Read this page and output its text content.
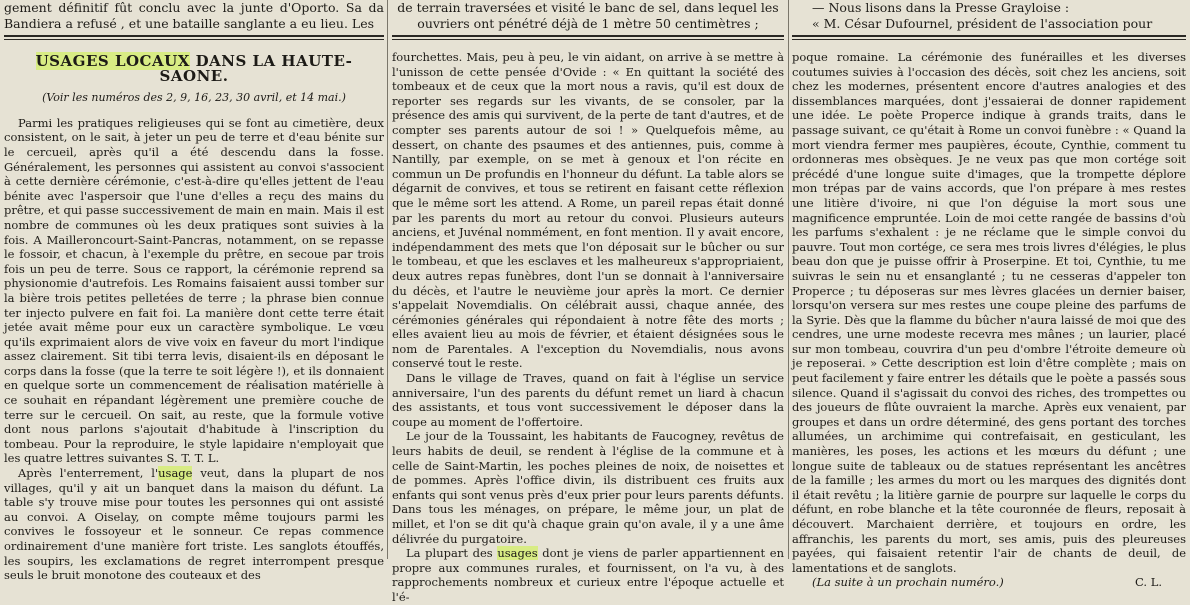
gement définitif fût conclu avec la junte d'Oporto. Sa da Bandiera a refusé , et une bataille sanglante a eu lieu. Les

USAGES LOCAUX DANS LA HAUTE-SAONE.
(Voir les numéros des 2, 9, 16, 23, 30 avril, et 14 mai.)

Parmi les pratiques religieuses qui se font au cimetière, deux consistent, on le sait, à jeter un peu de terre et d'eau bénite sur le cercueil, après qu'il a été descendu dans la fosse. Généralement, les personnes qui assistent au convoi s'associent à cette dernière cérémonie, c'est-à-dire qu'elles jettent de l'eau bénite avec l'aspersoir que l'une d'elles a reçu des mains du prêtre, et qui passe successivement de main en main. Mais il est nombre de communes où les deux pratiques sont suivies à la fois. A Mailleroncourt-Saint-Pancras, notamment, on se repasse le fossoir, et chacun, à l'exemple du prêtre, en secoue par trois fois un peu de terre. Sous ce rapport, la cérémonie reprend sa physionomie d'autrefois. Les Romains faisaient aussi tomber sur la bière trois petites pelletées de terre ; la phrase bien connue ter injecto pulvere en fait foi. La manière dont cette terre était jetée avait même pour eux un caractère symbolique. Le vœu qu'ils exprimaient alors de vive voix en faveur du mort l'indique assez clairement. Sit tibi terra levis, disaient-ils en déposant le corps dans la fosse (que la terre te soit légère !), et ils donnaient en quelque sorte un commencement de réalisation matérielle à ce souhait en répandant légèrement une première couche de terre sur le cercueil. On sait, au reste, que la formule votive dont nous parlons s'ajoutait d'habitude à l'inscription du tombeau. Pour la reproduire, le style lapidaire n'employait que les quatre lettres suivantes S. T. T. L.

Après l'enterrement, l'usage veut, dans la plupart de nos villages, qu'il y ait un banquet dans la maison du défunt. La table s'y trouve mise pour toutes les personnes qui ont assisté au convoi. A Oiselay, on compte même toujours parmi les convives le fossoyeur et le sonneur. Ce repas commence ordinairement d'une manière fort triste. Les sanglots étouffés, les soupirs, les exclamations de regret interrompent presque seuls le bruit monotone des couteaux et des

de terrain traversées et visité le banc de sel, dans lequel les ouvriers ont pénétré déjà de 1 mètre 50 centimètres ;

fourchettes. Mais, peu à peu, le vin aidant, on arrive à se mettre à l'unisson de cette pensée d'Ovide : « En quittant la société des tombeaux et de ceux que la mort nous a ravis, qu'il est doux de reporter ses regards sur les vivants, de se consoler, par la présence des amis qui survivent, de la perte de tant d'autres, et de compter ses parents autour de soi ! » Quelquefois même, au dessert, on chante des psaumes et des antiennes, puis, comme à Nantilly, par exemple, on se met à genoux et l'on récite en commun un De profundis en l'honneur du défunt. La table alors se dégarnit de convives, et tous se retirent en faisant cette réflexion que le même sort les attend. A Rome, un pareil repas était donné par les parents du mort au retour du convoi. Plusieurs auteurs anciens, et Juvénal nommément, en font mention. Il y avait encore, indépendamment des mets que l'on déposait sur le bûcher ou sur le tombeau, et que les esclaves et les malheureux s'appropriaient, deux autres repas funèbres, dont l'un se donnait à l'anniversaire du décès, et l'autre le neuvième jour après la mort. Ce dernier s'appelait Novemdialis. On célébrait aussi, chaque année, des cérémonies générales qui répondaient à notre fête des morts ; elles avaient lieu au mois de février, et étaient désignées sous le nom de Parentales. A l'exception du Novemdialis, nous avons conservé tout le reste.

Dans le village de Traves, quand on fait à l'église un service anniversaire, l'un des parents du défunt remet un liard à chacun des assistants, et tous vont successivement le déposer dans la coupe au moment de l'offertoire.

Le jour de la Toussaint, les habitants de Faucogney, revêtus de leurs habits de deuil, se rendent à l'église de la commune et à celle de Saint-Martin, les poches pleines de noix, de noisettes et de pommes. Après l'office divin, ils distribuent ces fruits aux enfants qui sont venus près d'eux prier pour leurs parents défunts. Dans tous les ménages, on prépare, le même jour, un plat de millet, et l'on se dit qu'à chaque grain qu'on avale, il y a une âme délivrée du purgatoire.

La plupart des usages dont je viens de parler appartiennent en propre aux communes rurales, et fournissent, on l'a vu, à des rapprochements nombreux et curieux entre l'époque actuelle et l'é-

— Nous lisons dans la Presse Grayloise :

« M. César Dufournel, président de l'association pour

poque romaine. La cérémonie des funérailles et les diverses coutumes suivies à l'occasion des décès, soit chez les anciens, soit chez les modernes, présentent encore d'autres analogies et des dissemblances marquées, dont j'essaierai de donner rapidement une idée. Le poète Properce indique à grands traits, dans le passage suivant, ce qu'était à Rome un convoi funèbre : « Quand la mort viendra fermer mes paupières, écoute, Cynthie, comment tu ordonneras mes obsèques. Je ne veux pas que mon cortége soit précédé d'une longue suite d'images, que la trompette déplore mon trépas par de vains accords, que l'on prépare à mes restes une litière d'ivoire, ni que l'on déguise la mort sous une magnificence empruntée. Loin de moi cette rangée de bassins d'où les parfums s'exhalent : je ne réclame que le simple convoi du pauvre. Tout mon cortége, ce sera mes trois livres d'élégies, le plus beau don que je puisse offrir à Proserpine. Et toi, Cynthie, tu me suivras le sein nu et ensanglanté ; tu ne cesseras d'appeler ton Properce ; tu déposeras sur mes lèvres glacées un dernier baiser, lorsqu'on versera sur mes restes une coupe pleine des parfums de la Syrie. Dès que la flamme du bûcher n'aura laissé de moi que des cendres, une urne modeste recevra mes mânes ; un laurier, placé sur mon tombeau, couvrira d'un peu d'ombre l'étroite demeure où je reposerai. » Cette description est loin d'être complète ; mais on peut facilement y faire entrer les détails que le poète a passés sous silence. Quand il s'agissait du convoi des riches, des trompettes ou des joueurs de flûte ouvraient la marche. Après eux venaient, par groupes et dans un ordre déterminé, des gens portant des torches allumées, un archimime qui contrefaisait, en gesticulant, les manières, les poses, les actions et les mœurs du défunt ; une longue suite de tableaux ou de statues représentant les ancêtres de la famille ; les armes du mort ou les marques des dignités dont il était revêtu ; la litière garnie de pourpre sur laquelle le corps du défunt, en robe blanche et la tête couronnée de fleurs, reposait à découvert. Marchaient derrière, et toujours en ordre, les affranchis, les parents du mort, ses amis, puis des pleureuses payées, qui faisaient retentir l'air de chants de deuil, de lamentations et de sanglots.

(La suite à un prochain numéro.)	C. L.
